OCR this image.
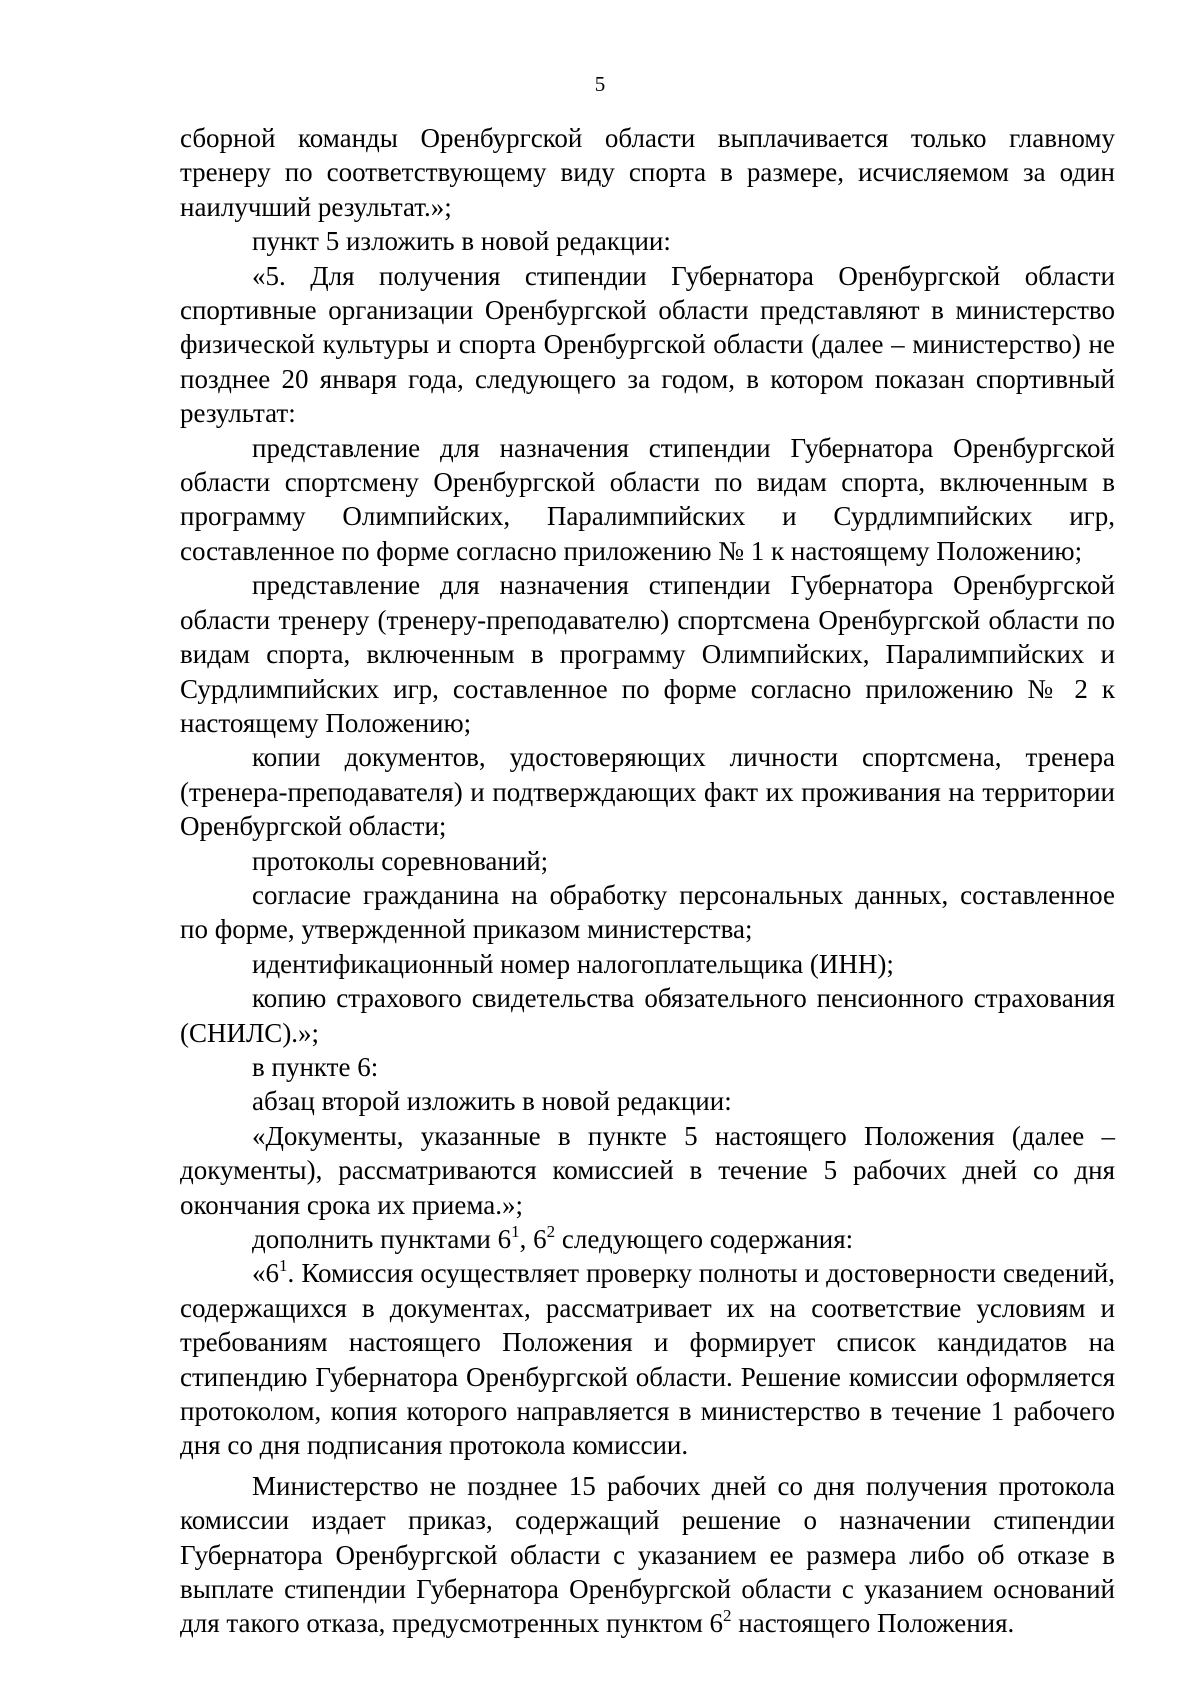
5

сборной команды Оренбургской области выплачивается только главному тренеру по соответствующему виду спорта в размере, исчисляемом за один наилучший результат.»;

пункт 5 изложить в новой редакции:

«5. Для получения стипендии Губернатора Оренбургской области спортивные организации Оренбургской области представляют в министерство физической культуры и спорта Оренбургской области (далее – министерство) не позднее 20 января года, следующего за годом, в котором показан спортивный результат:

представление для назначения стипендии Губернатора Оренбургской области спортсмену Оренбургской области по видам спорта, включенным в программу Олимпийских, Паралимпийских и Сурдлимпийских игр, составленное по форме согласно приложению № 1 к настоящему Положению;

представление для назначения стипендии Губернатора Оренбургской области тренеру (тренеру-преподавателю) спортсмена Оренбургской области по видам спорта, включенным в программу Олимпийских, Паралимпийских и Сурдлимпийских игр, составленное по форме согласно приложению № 2 к настоящему Положению;

копии документов, удостоверяющих личности спортсмена, тренера (тренера-преподавателя) и подтверждающих факт их проживания на территории Оренбургской области;

протоколы соревнований;

согласие гражданина на обработку персональных данных, составленное по форме, утвержденной приказом министерства;

идентификационный номер налогоплательщика (ИНН);

копию страхового свидетельства обязательного пенсионного страхования (СНИЛС).»;

в пункте 6:

абзац второй изложить в новой редакции:

«Документы, указанные в пункте 5 настоящего Положения (далее – документы), рассматриваются комиссией в течение 5 рабочих дней со дня окончания срока их приема.»;

дополнить пунктами $6^1$, $6^2$ следующего содержания:

«$6^1$. Комиссия осуществляет проверку полноты и достоверности сведений, содержащихся в документах, рассматривает их на соответствие условиям и требованиям настоящего Положения и формирует список кандидатов на стипендию Губернатора Оренбургской области. Решение комиссии оформляется протоколом, копия которого направляется в министерство в течение 1 рабочего дня со дня подписания протокола комиссии.

Министерство не позднее 15 рабочих дней со дня получения протокола комиссии издает приказ, содержащий решение о назначении стипендии Губернатора Оренбургской области с указанием ее размера либо об отказе в выплате стипендии Губернатора Оренбургской области с указанием оснований для такого отказа, предусмотренных пунктом $6^2$ настоящего Положения.
